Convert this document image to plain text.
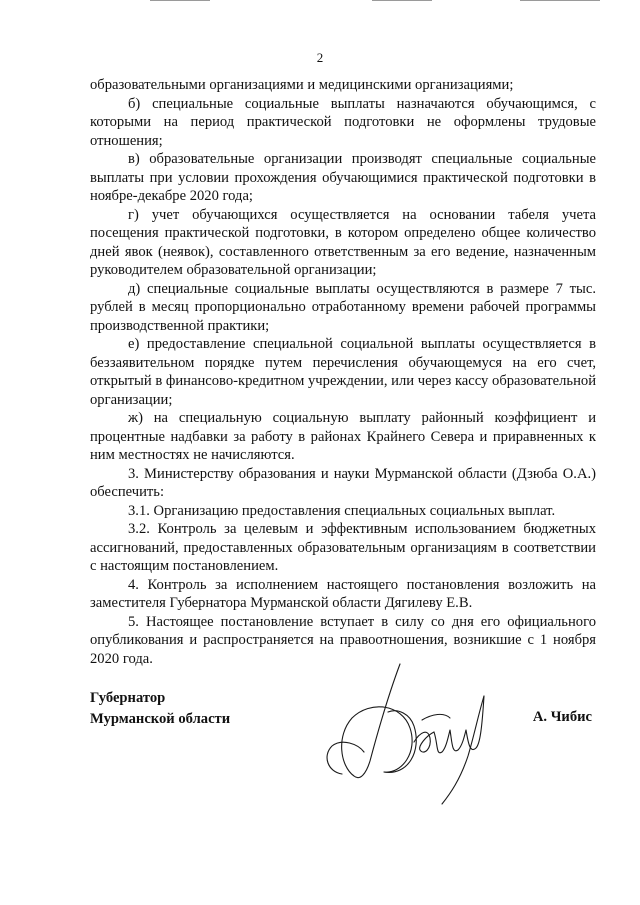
2

образовательными организациями и медицинскими организациями;

б) специальные социальные выплаты назначаются обучающимся, с которыми на период практической подготовки не оформлены трудовые отношения;

в) образовательные организации производят специальные социальные выплаты при условии прохождения обучающимися практической подготовки в ноябре-декабре 2020 года;

г) учет обучающихся осуществляется на основании табеля учета посещения практической подготовки, в котором определено общее количество дней явок (неявок), составленного ответственным за его ведение, назначенным руководителем образовательной организации;

д) специальные социальные выплаты осуществляются в размере 7 тыс. рублей в месяц пропорционально отработанному времени рабочей программы производственной практики;

е) предоставление специальной социальной выплаты осуществляется в беззаявительном порядке путем перечисления обучающемуся на его счет, открытый в финансово-кредитном учреждении, или через кассу образовательной организации;

ж) на специальную социальную выплату районный коэффициент и процентные надбавки за работу в районах Крайнего Севера и приравненных к ним местностях не начисляются.

3. Министерству образования и науки Мурманской области (Дзюба О.А.) обеспечить:

3.1. Организацию предоставления специальных социальных выплат.

3.2. Контроль за целевым и эффективным использованием бюджетных ассигнований, предоставленных образовательным организациям в соответствии с настоящим постановлением.

4. Контроль за исполнением настоящего постановления возложить на заместителя Губернатора Мурманской области Дягилеву Е.В.

5. Настоящее постановление вступает в силу со дня его официального опубликования и распространяется на правоотношения, возникшие с 1 ноября 2020 года.

Губернатор
Мурманской области	А. Чибис
